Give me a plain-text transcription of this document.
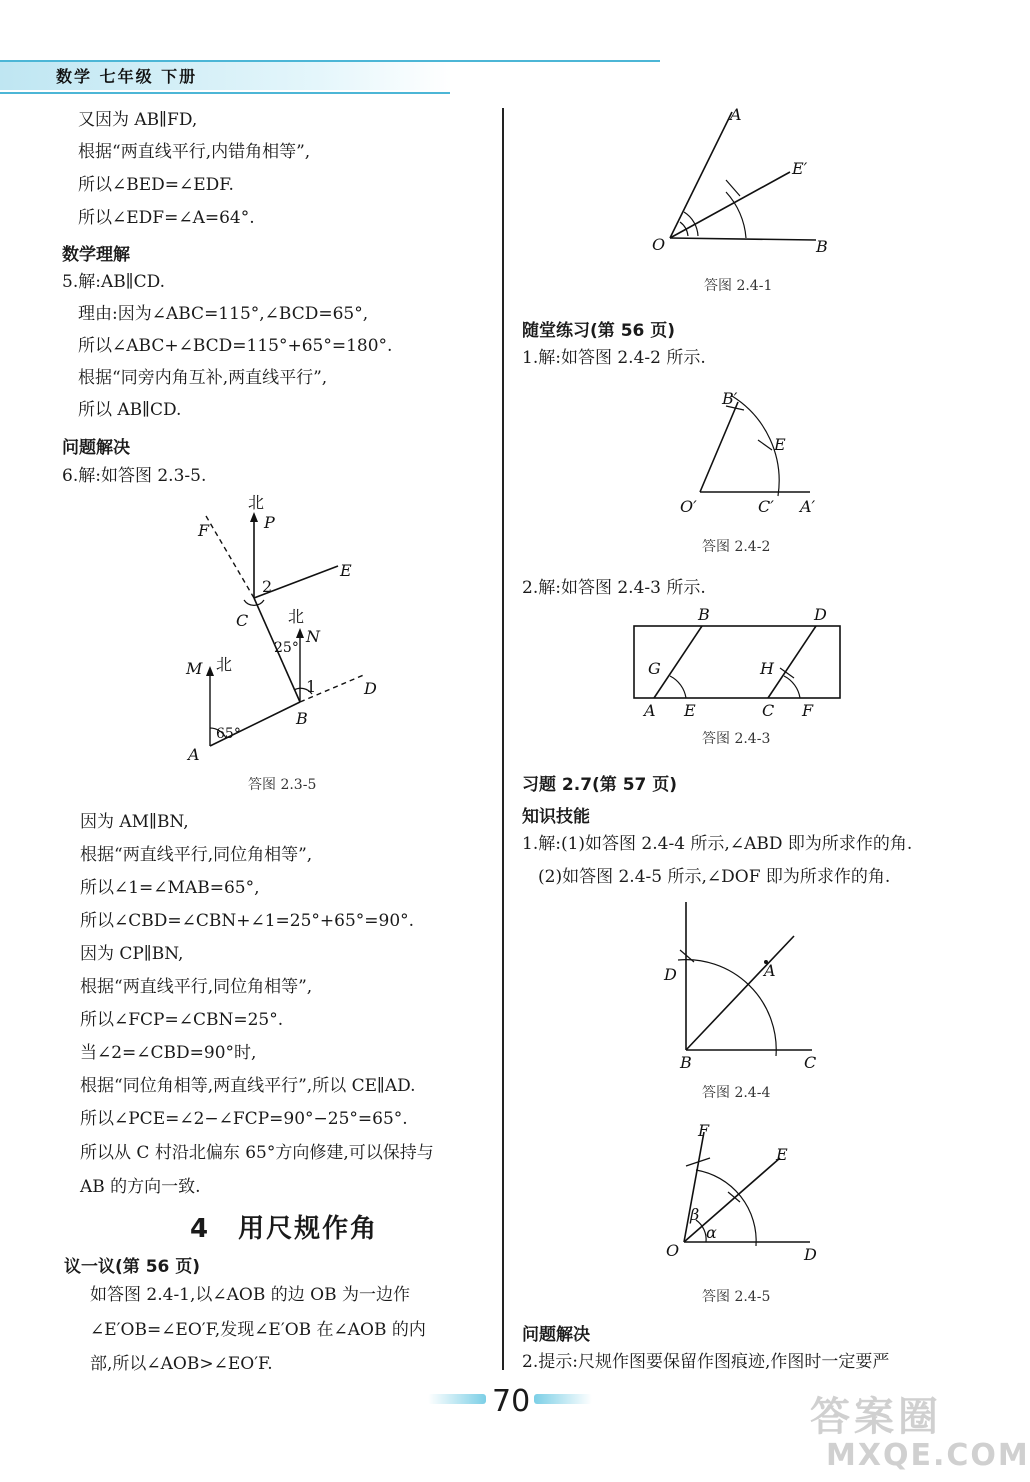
数学 七年级 下册
又因为 AB∥FD,
根据“两直线平行,内错角相等”,
所以∠BED=∠EDF.
所以∠EDF=∠A=64°.
数学理解
5.解:AB∥CD.
理由:因为∠ABC=115°,∠BCD=65°,
所以∠ABC+∠BCD=115°+65°=180°.
根据“同旁内角互补,两直线平行”,
所以 AB∥CD.
问题解决
6.解:如答图 2.3-5.
北
P
F
E
2
C 北
N
25°
M 北
1	D
B
65°
A
答图 2.3-5
因为 AM∥BN,
根据“两直线平行,同位角相等”,
所以∠1=∠MAB=65°,
所以∠CBD=∠CBN+∠1=25°+65°=90°.
因为 CP∥BN,
根据“两直线平行,同位角相等”,
所以∠FCP=∠CBN=25°.
当∠2=∠CBD=90°时,
根据“同位角相等,两直线平行”,所以 CE∥AD.
所以∠PCE=∠2−∠FCP=90°−25°=65°.
所以从 C 村沿北偏东 65°方向修建,可以保持与
AB 的方向一致.
4　用尺规作角
议一议(第 56 页)
如答图 2.4-1,以∠AOB 的边 OB 为一边作
∠E′OB=∠EO′F,发现∠E′OB 在∠AOB 的内
部,所以∠AOB>∠EO′F.
A
E′
O	B
答图 2.4-1
随堂练习(第 56 页)
1.解:如答图 2.4-2 所示.
B′
E
O′	C′ A′
答图 2.4-2
2.解:如答图 2.4-3 所示.
B	D
G	H
A E	C F
答图 2.4-3
习题 2.7(第 57 页)
知识技能
1.解:(1)如答图 2.4-4 所示,∠ABD 即为所求作的角.
(2)如答图 2.4-5 所示,∠DOF 即为所求作的角.
D	A
B	C
答图 2.4-4
F
E
β
α
O	D
答图 2.4-5
问题解决
2.提示:尺规作图要保留作图痕迹,作图时一定要严
70	答案圈
MXQE.COM
